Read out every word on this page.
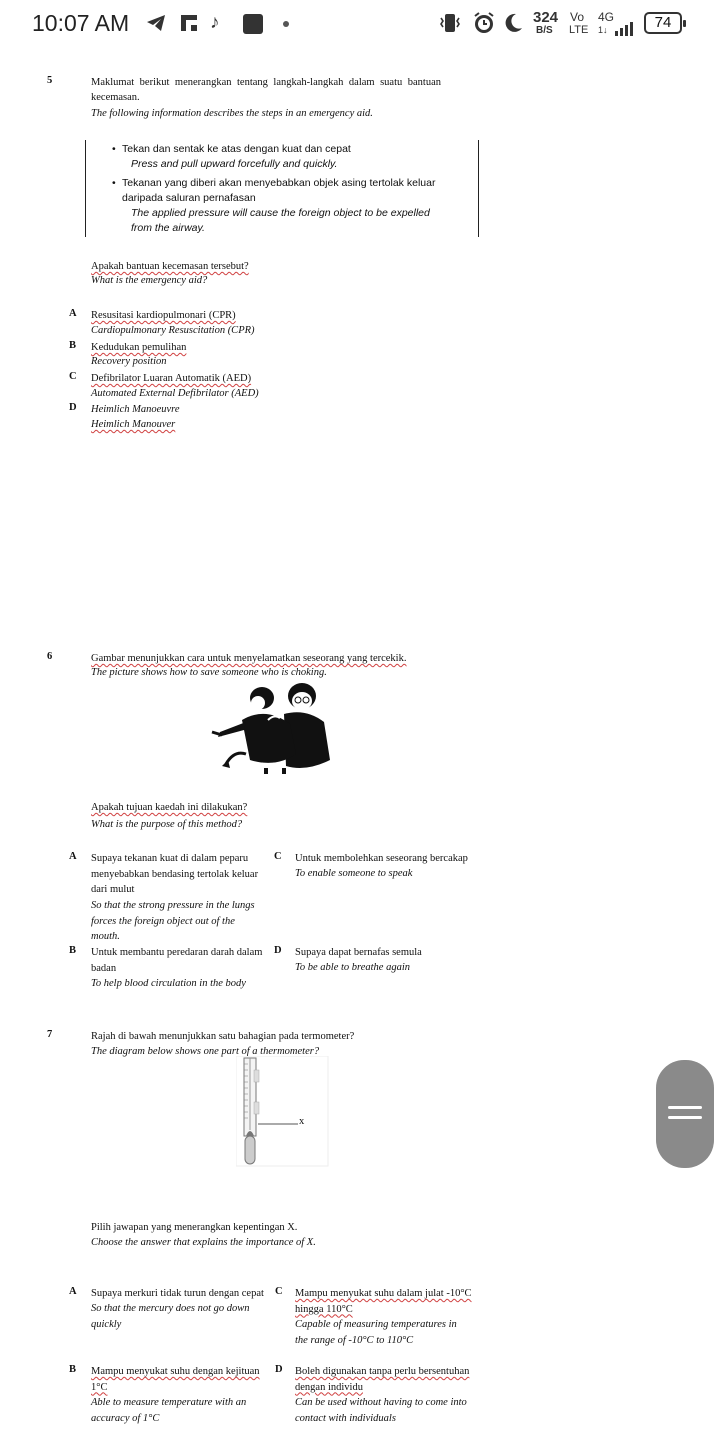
10:07 AM	♪	324
B/S
Vo
LTE
4G
1↓	74
5	Maklumat berikut menerangkan tentang langkah-langkah dalam suatu bantuan kecemasan.
The following information describes the steps in an emergency aid.
• Tekan dan sentak ke atas dengan kuat dan cepat
Press and pull upward forcefully and quickly.
• Tekanan yang diberi akan menyebabkan objek asing tertolak keluar daripada saluran pernafasan
The applied pressure will cause the foreign object to be expelled from the airway.
Apakah bantuan kecemasan tersebut?
What is the emergency aid?
A Resusitasi kardiopulmonari (CPR)
Cardiopulmonary Resuscitation (CPR)
B Kedudukan pemulihan
Recovery position
C Defibrilator Luaran Automatik (AED)
Automated External Defibrilator (AED)
D Heimlich Manoeuvre
Heimlich Manouver
6	Gambar menunjukkan cara untuk menyelamatkan seseorang yang tercekik.
The picture shows how to save someone who is choking.
Apakah tujuan kaedah ini dilakukan?
What is the purpose of this method?
A Supaya tekanan kuat di dalam peparu menyebabkan bendasing tertolak keluar dari mulut
So that the strong pressure in the lungs forces the foreign object out of the mouth.
C Untuk membolehkan seseorang bercakap
To enable someone to speak
B Untuk membantu peredaran darah dalam badan
To help blood circulation in the body
D Supaya dapat bernafas semula
To be able to breathe again
7	Rajah di bawah menunjukkan satu bahagian pada termometer?
The diagram below shows one part of a thermometer?
x
Pilih jawapan yang menerangkan kepentingan X.
Choose the answer that explains the importance of X.
A Supaya merkuri tidak turun dengan cepat
So that the mercury does not go down quickly
C Mampu menyukat suhu dalam julat -10°C hingga 110°C
Capable of measuring temperatures in the range of -10°C to 110°C
B Mampu menyukat suhu dengan kejituan 1°C
Able to measure temperature with an accuracy of 1°C
D Boleh digunakan tanpa perlu bersentuhan dengan individu
Can be used without having to come into contact with individuals
